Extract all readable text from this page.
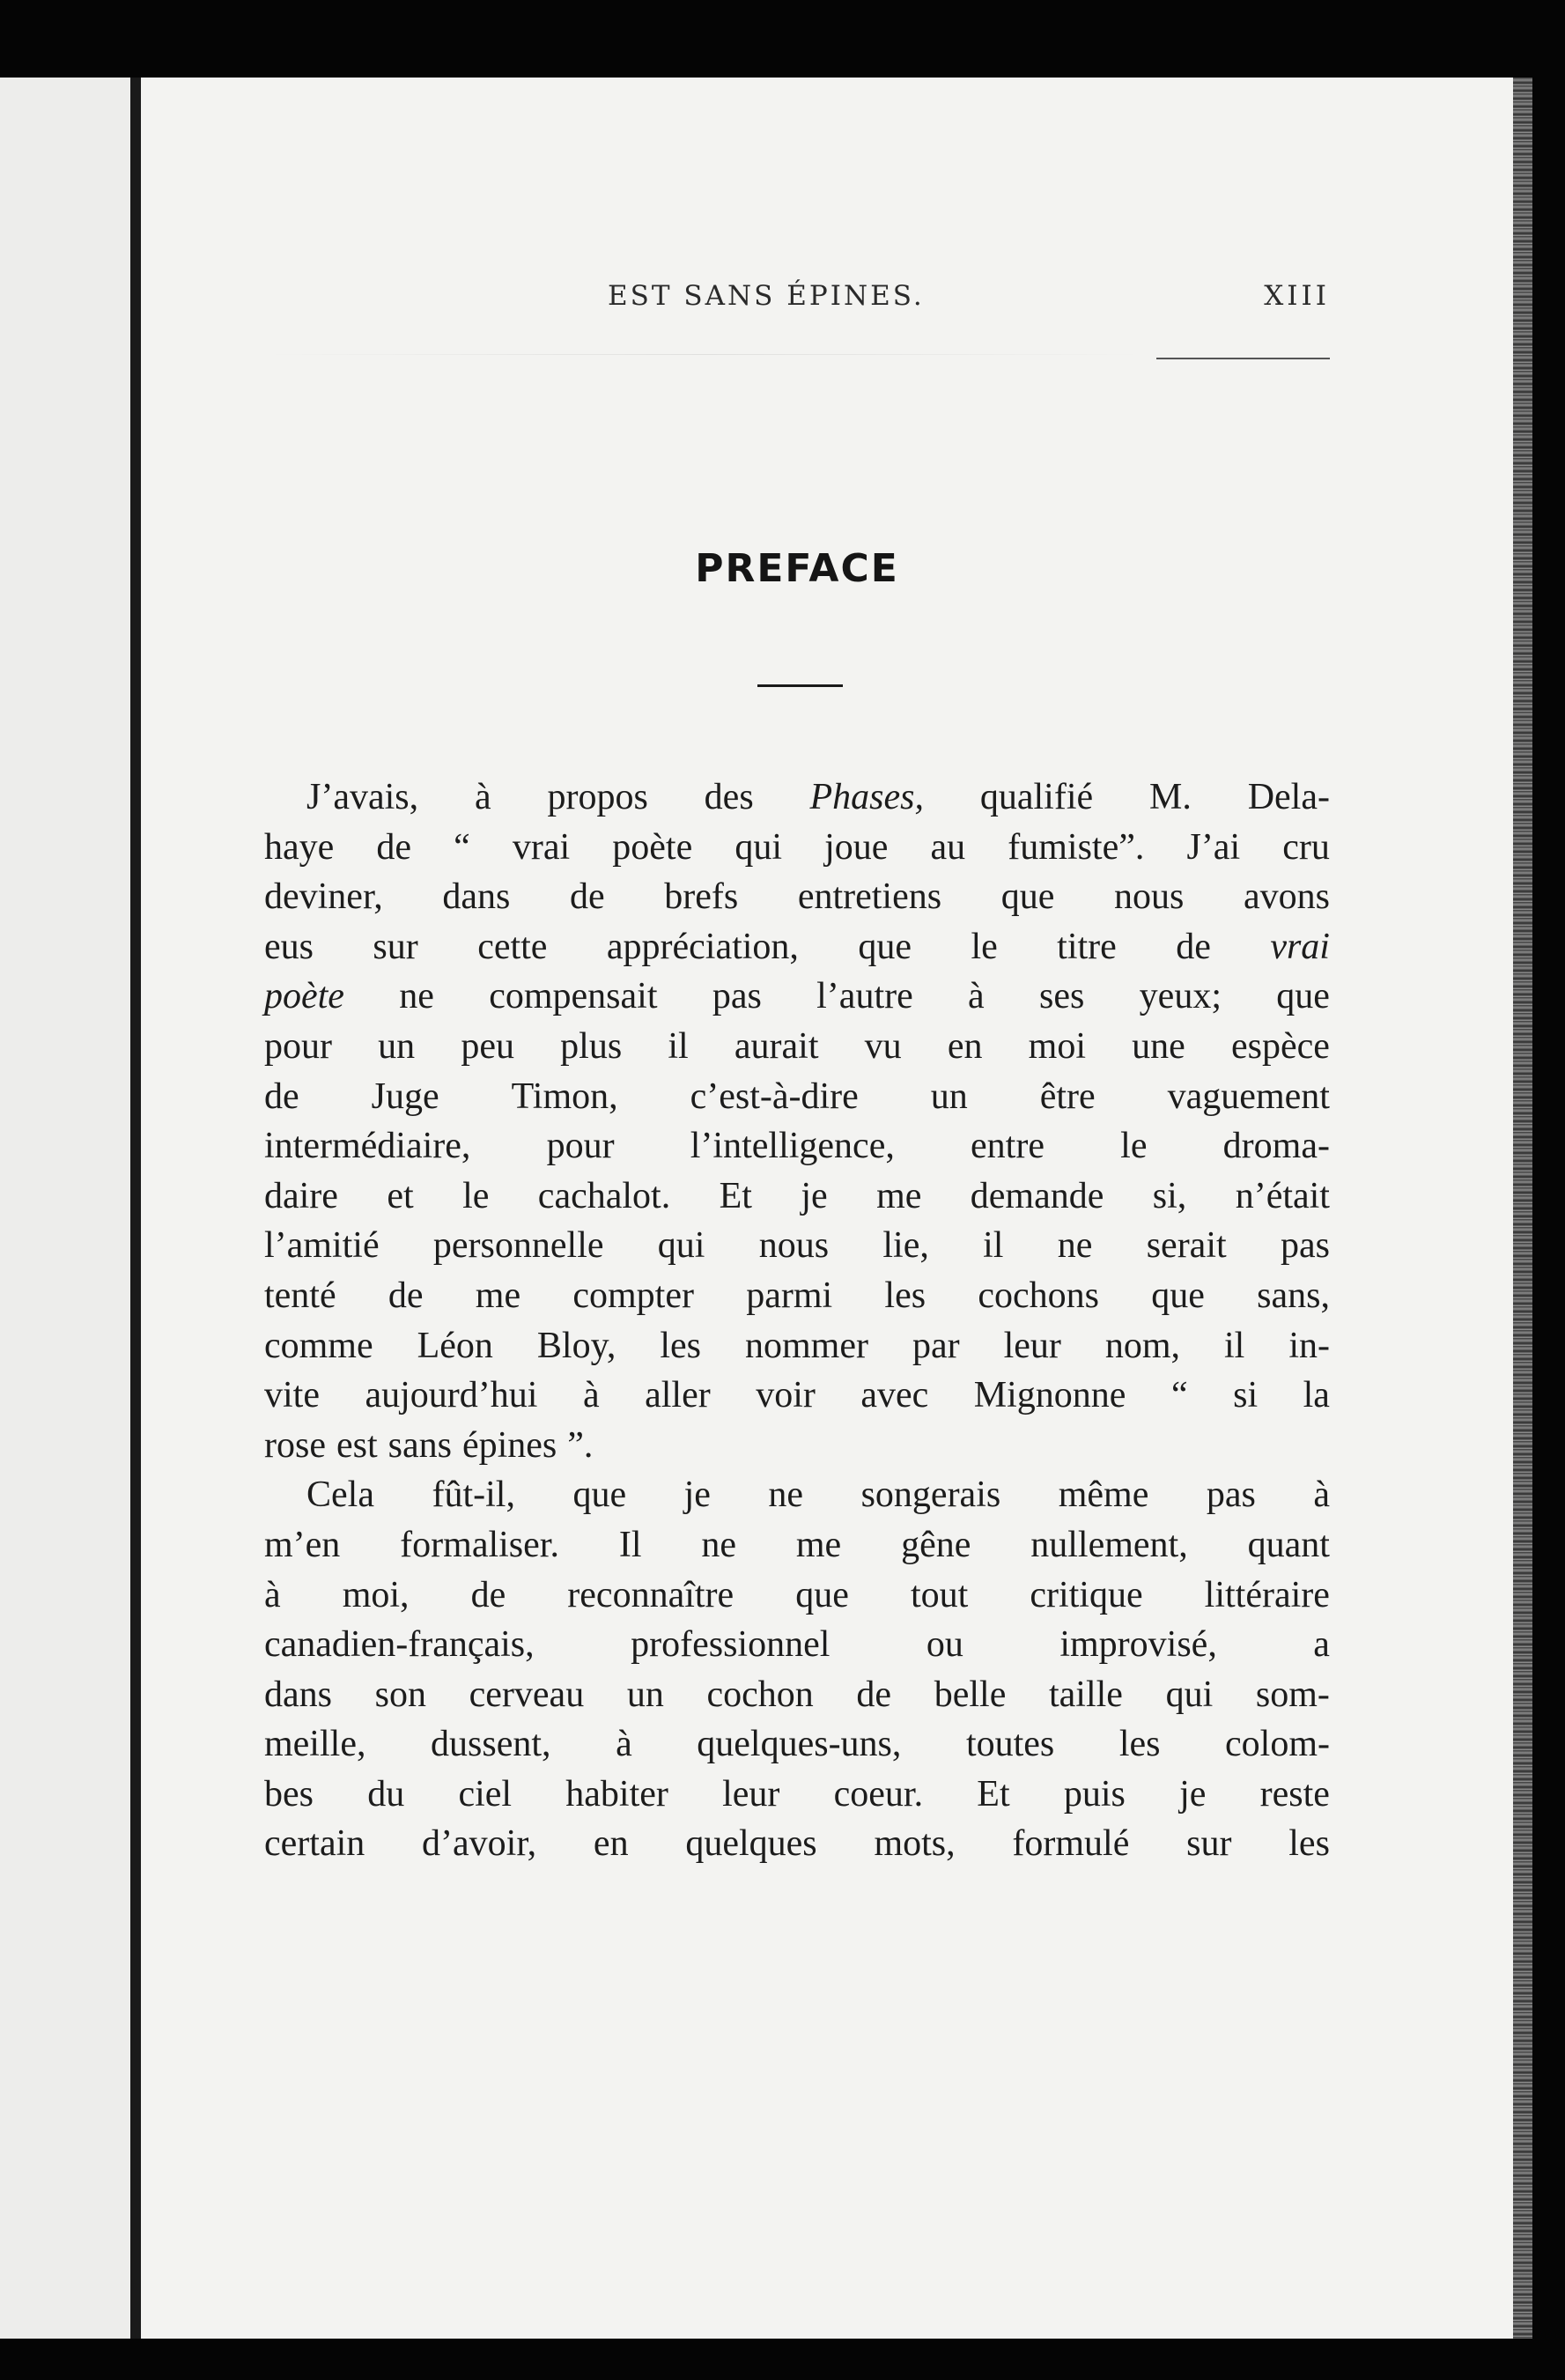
EST SANS ÉPINES.	XIII
PREFACE
J’avais, à propos des Phases, qualifié M. Dela-
haye de “ vrai poète qui joue au fumiste”. J’ai cru
deviner, dans de brefs entretiens que nous avons
eus sur cette appréciation, que le titre de vrai
poète ne compensait pas l’autre à ses yeux; que
pour un peu plus il aurait vu en moi une espèce
de Juge Timon, c’est-à-dire un être vaguement
intermédiaire, pour l’intelligence, entre le droma-
daire et le cachalot. Et je me demande si, n’était
l’amitié personnelle qui nous lie, il ne serait pas
tenté de me compter parmi les cochons que sans,
comme Léon Bloy, les nommer par leur nom, il in-
vite aujourd’hui à aller voir avec Mignonne “ si la
rose est sans épines ”.
Cela fût-il, que je ne songerais même pas à
m’en formaliser. Il ne me gêne nullement, quant
à moi, de reconnaître que tout critique littéraire
canadien-français,	professionnel	ou	improvisé,	a
dans son cerveau un cochon de belle taille qui som-
meille, dussent, à quelques-uns, toutes les colom-
bes du ciel habiter leur coeur. Et puis je reste
certain d’avoir, en quelques mots, formulé sur les
